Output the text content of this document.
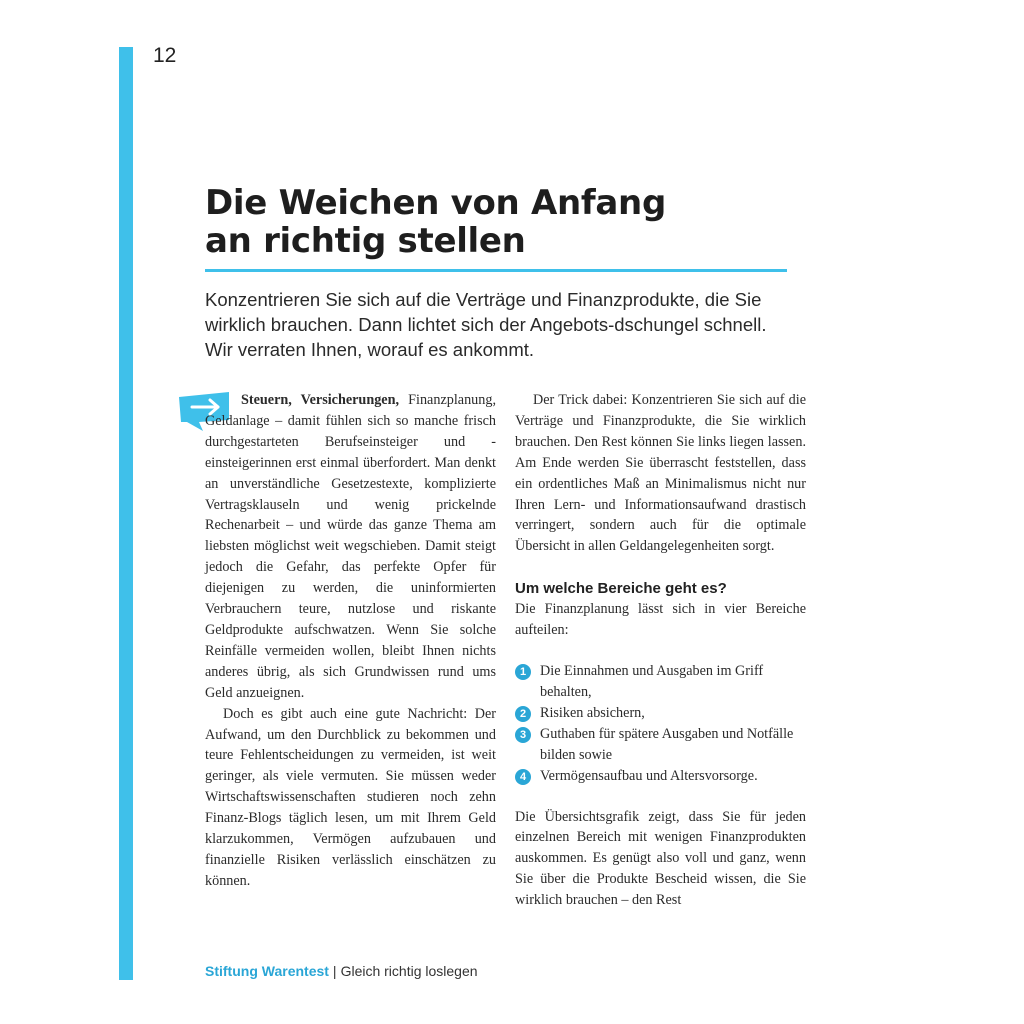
12
Die Weichen von Anfang
an richtig stellen

Konzentrieren Sie sich auf die Verträge und Finanzprodukte, die Sie wirklich brauchen. Dann lichtet sich der Angebots-dschungel schnell. Wir verraten Ihnen, worauf es ankommt.

Steuern, Versicherungen, Finanzplanung, Geldanlage – damit fühlen sich so manche frisch durchgestarteten Berufseinsteiger und -einsteigerinnen erst einmal überfordert. Man denkt an unverständliche Gesetzestexte, komplizierte Vertragsklauseln und wenig prickelnde Rechenarbeit – und würde das ganze Thema am liebsten möglichst weit wegschieben. Damit steigt jedoch die Gefahr, das perfekte Opfer für diejenigen zu werden, die uninformierten Verbrauchern teure, nutzlose und riskante Geldprodukte aufschwatzen. Wenn Sie solche Reinfälle vermeiden wollen, bleibt Ihnen nichts anderes übrig, als sich Grundwissen rund ums Geld anzueignen.

Doch es gibt auch eine gute Nachricht: Der Aufwand, um den Durchblick zu bekommen und teure Fehlentscheidungen zu vermeiden, ist weit geringer, als viele vermuten. Sie müssen weder Wirtschaftswissenschaften studieren noch zehn Finanz-Blogs täglich lesen, um mit Ihrem Geld klarzukommen, Vermögen aufzubauen und finanzielle Risiken verlässlich einschätzen zu können.

Der Trick dabei: Konzentrieren Sie sich auf die Verträge und Finanzprodukte, die Sie wirklich brauchen. Den Rest können Sie links liegen lassen. Am Ende werden Sie überrascht feststellen, dass ein ordentliches Maß an Minimalismus nicht nur Ihren Lern- und Informationsaufwand drastisch verringert, sondern auch für die optimale Übersicht in allen Geldangelegenheiten sorgt.

Um welche Bereiche geht es?

Die Finanzplanung lässt sich in vier Bereiche aufteilen:

1 Die Einnahmen und Ausgaben im Griff behalten,
2 Risiken absichern,
3 Guthaben für spätere Ausgaben und Notfälle bilden sowie
4 Vermögensaufbau und Altersvorsorge.

Die Übersichtsgrafik zeigt, dass Sie für jeden einzelnen Bereich mit wenigen Finanzprodukten auskommen. Es genügt also voll und ganz, wenn Sie über die Produkte Bescheid wissen, die Sie wirklich brauchen – den Rest

Stiftung Warentest | Gleich richtig loslegen
